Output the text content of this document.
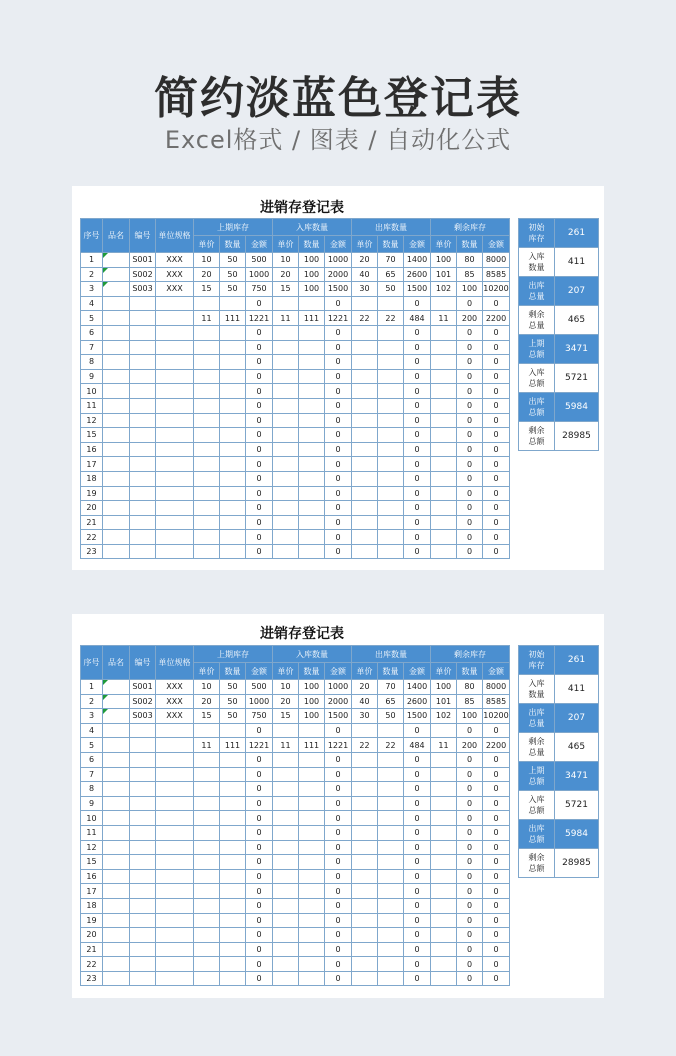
简约淡蓝色登记表
Excel格式 / 图表 / 自动化公式
进销存登记表
序号	品名	编号	单位规格	上期库存			入库数量			出库数量			剩余库存		
				单价	数量	金额	单价	数量	金额	单价	数量	金额	单价	数量	金额
1		S001	XXX	10	50	500	10	100	1000	20	70	1400	100	80	8000
2		S002	XXX	20	50	1000	20	100	2000	40	65	2600	101	85	8585
3		S003	XXX	15	50	750	15	100	1500	30	50	1500	102	100	10200
4						0			0			0		0	0
5				11	111	1221	11	111	1221	22	22	484	11	200	2200
6						0			0			0		0	0
7						0			0			0		0	0
8						0			0			0		0	0
9						0			0			0		0	0
10						0			0			0		0	0
11						0			0			0		0	0
12						0			0			0		0	0
15						0			0			0		0	0
16						0			0			0		0	0
17						0			0			0		0	0
18						0			0			0		0	0
19						0			0			0		0	0
20						0			0			0		0	0
21						0			0			0		0	0
22						0			0			0		0	0
23						0			0			0		0	0
初始
库存	261
入库
数量	411
出库
总量	207
剩余
总量	465
上期
总额	3471
入库
总额	5721
出库
总额	5984
剩余
总额	28985
进销存登记表
序号	品名	编号	单位规格	上期库存			入库数量			出库数量			剩余库存		
				单价	数量	金额	单价	数量	金额	单价	数量	金额	单价	数量	金额
1		S001	XXX	10	50	500	10	100	1000	20	70	1400	100	80	8000
2		S002	XXX	20	50	1000	20	100	2000	40	65	2600	101	85	8585
3		S003	XXX	15	50	750	15	100	1500	30	50	1500	102	100	10200
4						0			0			0		0	0
5				11	111	1221	11	111	1221	22	22	484	11	200	2200
6						0			0			0		0	0
7						0			0			0		0	0
8						0			0			0		0	0
9						0			0			0		0	0
10						0			0			0		0	0
11						0			0			0		0	0
12						0			0			0		0	0
15						0			0			0		0	0
16						0			0			0		0	0
17						0			0			0		0	0
18						0			0			0		0	0
19						0			0			0		0	0
20						0			0			0		0	0
21						0			0			0		0	0
22						0			0			0		0	0
23						0			0			0		0	0
初始
库存	261
入库
数量	411
出库
总量	207
剩余
总量	465
上期
总额	3471
入库
总额	5721
出库
总额	5984
剩余
总额	28985
